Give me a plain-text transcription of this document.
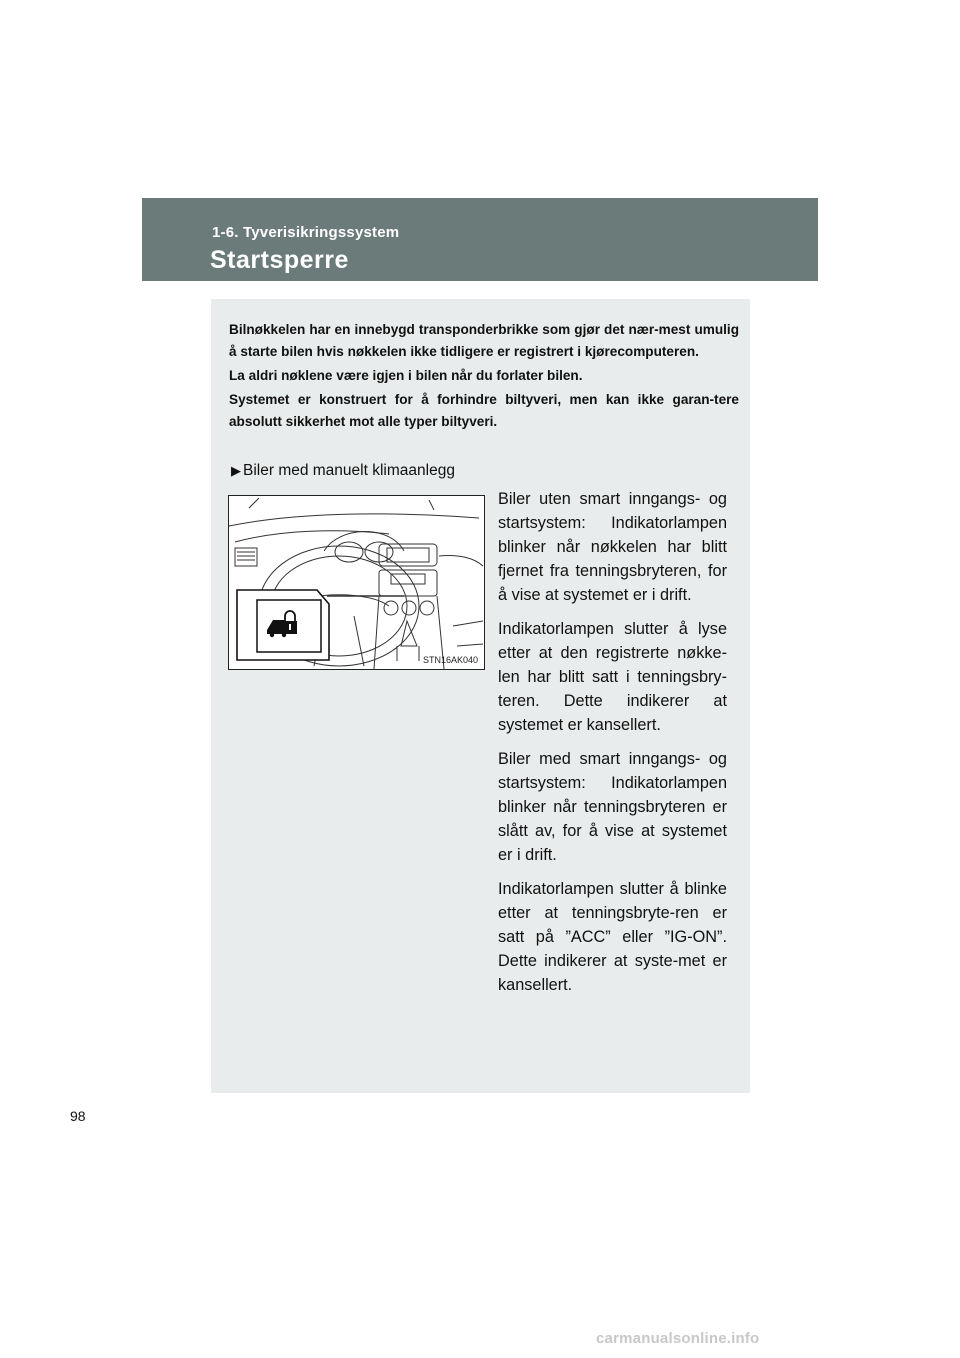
1-6. Tyverisikringssystem
Startsperre

Bilnøkkelen har en innebygd transponderbrikke som gjør det nær-mest umulig å starte bilen hvis nøkkelen ikke tidligere er registrert i kjørecomputeren.

La aldri nøklene være igjen i bilen når du forlater bilen.

Systemet er konstruert for å forhindre biltyveri, men kan ikke garan-tere absolutt sikkerhet mot alle typer biltyveri.

▶ Biler med manuelt klimaanlegg
STN16AK040

Biler uten smart inngangs- og startsystem: Indikatorlampen blinker når nøkkelen har blitt fjernet fra tenningsbryteren, for å vise at systemet er i drift.

Indikatorlampen slutter å lyse etter at den registrerte nøkke-len har blitt satt i tenningsbry-teren. Dette indikerer at systemet er kansellert.

Biler med smart inngangs- og startsystem: Indikatorlampen blinker når tenningsbryteren er slått av, for å vise at systemet er i drift.

Indikatorlampen slutter å blinke etter at tenningsbryte-ren er satt på ”ACC” eller ”IG-ON”. Dette indikerer at syste-met er kansellert.

98
carmanualsonline.info
